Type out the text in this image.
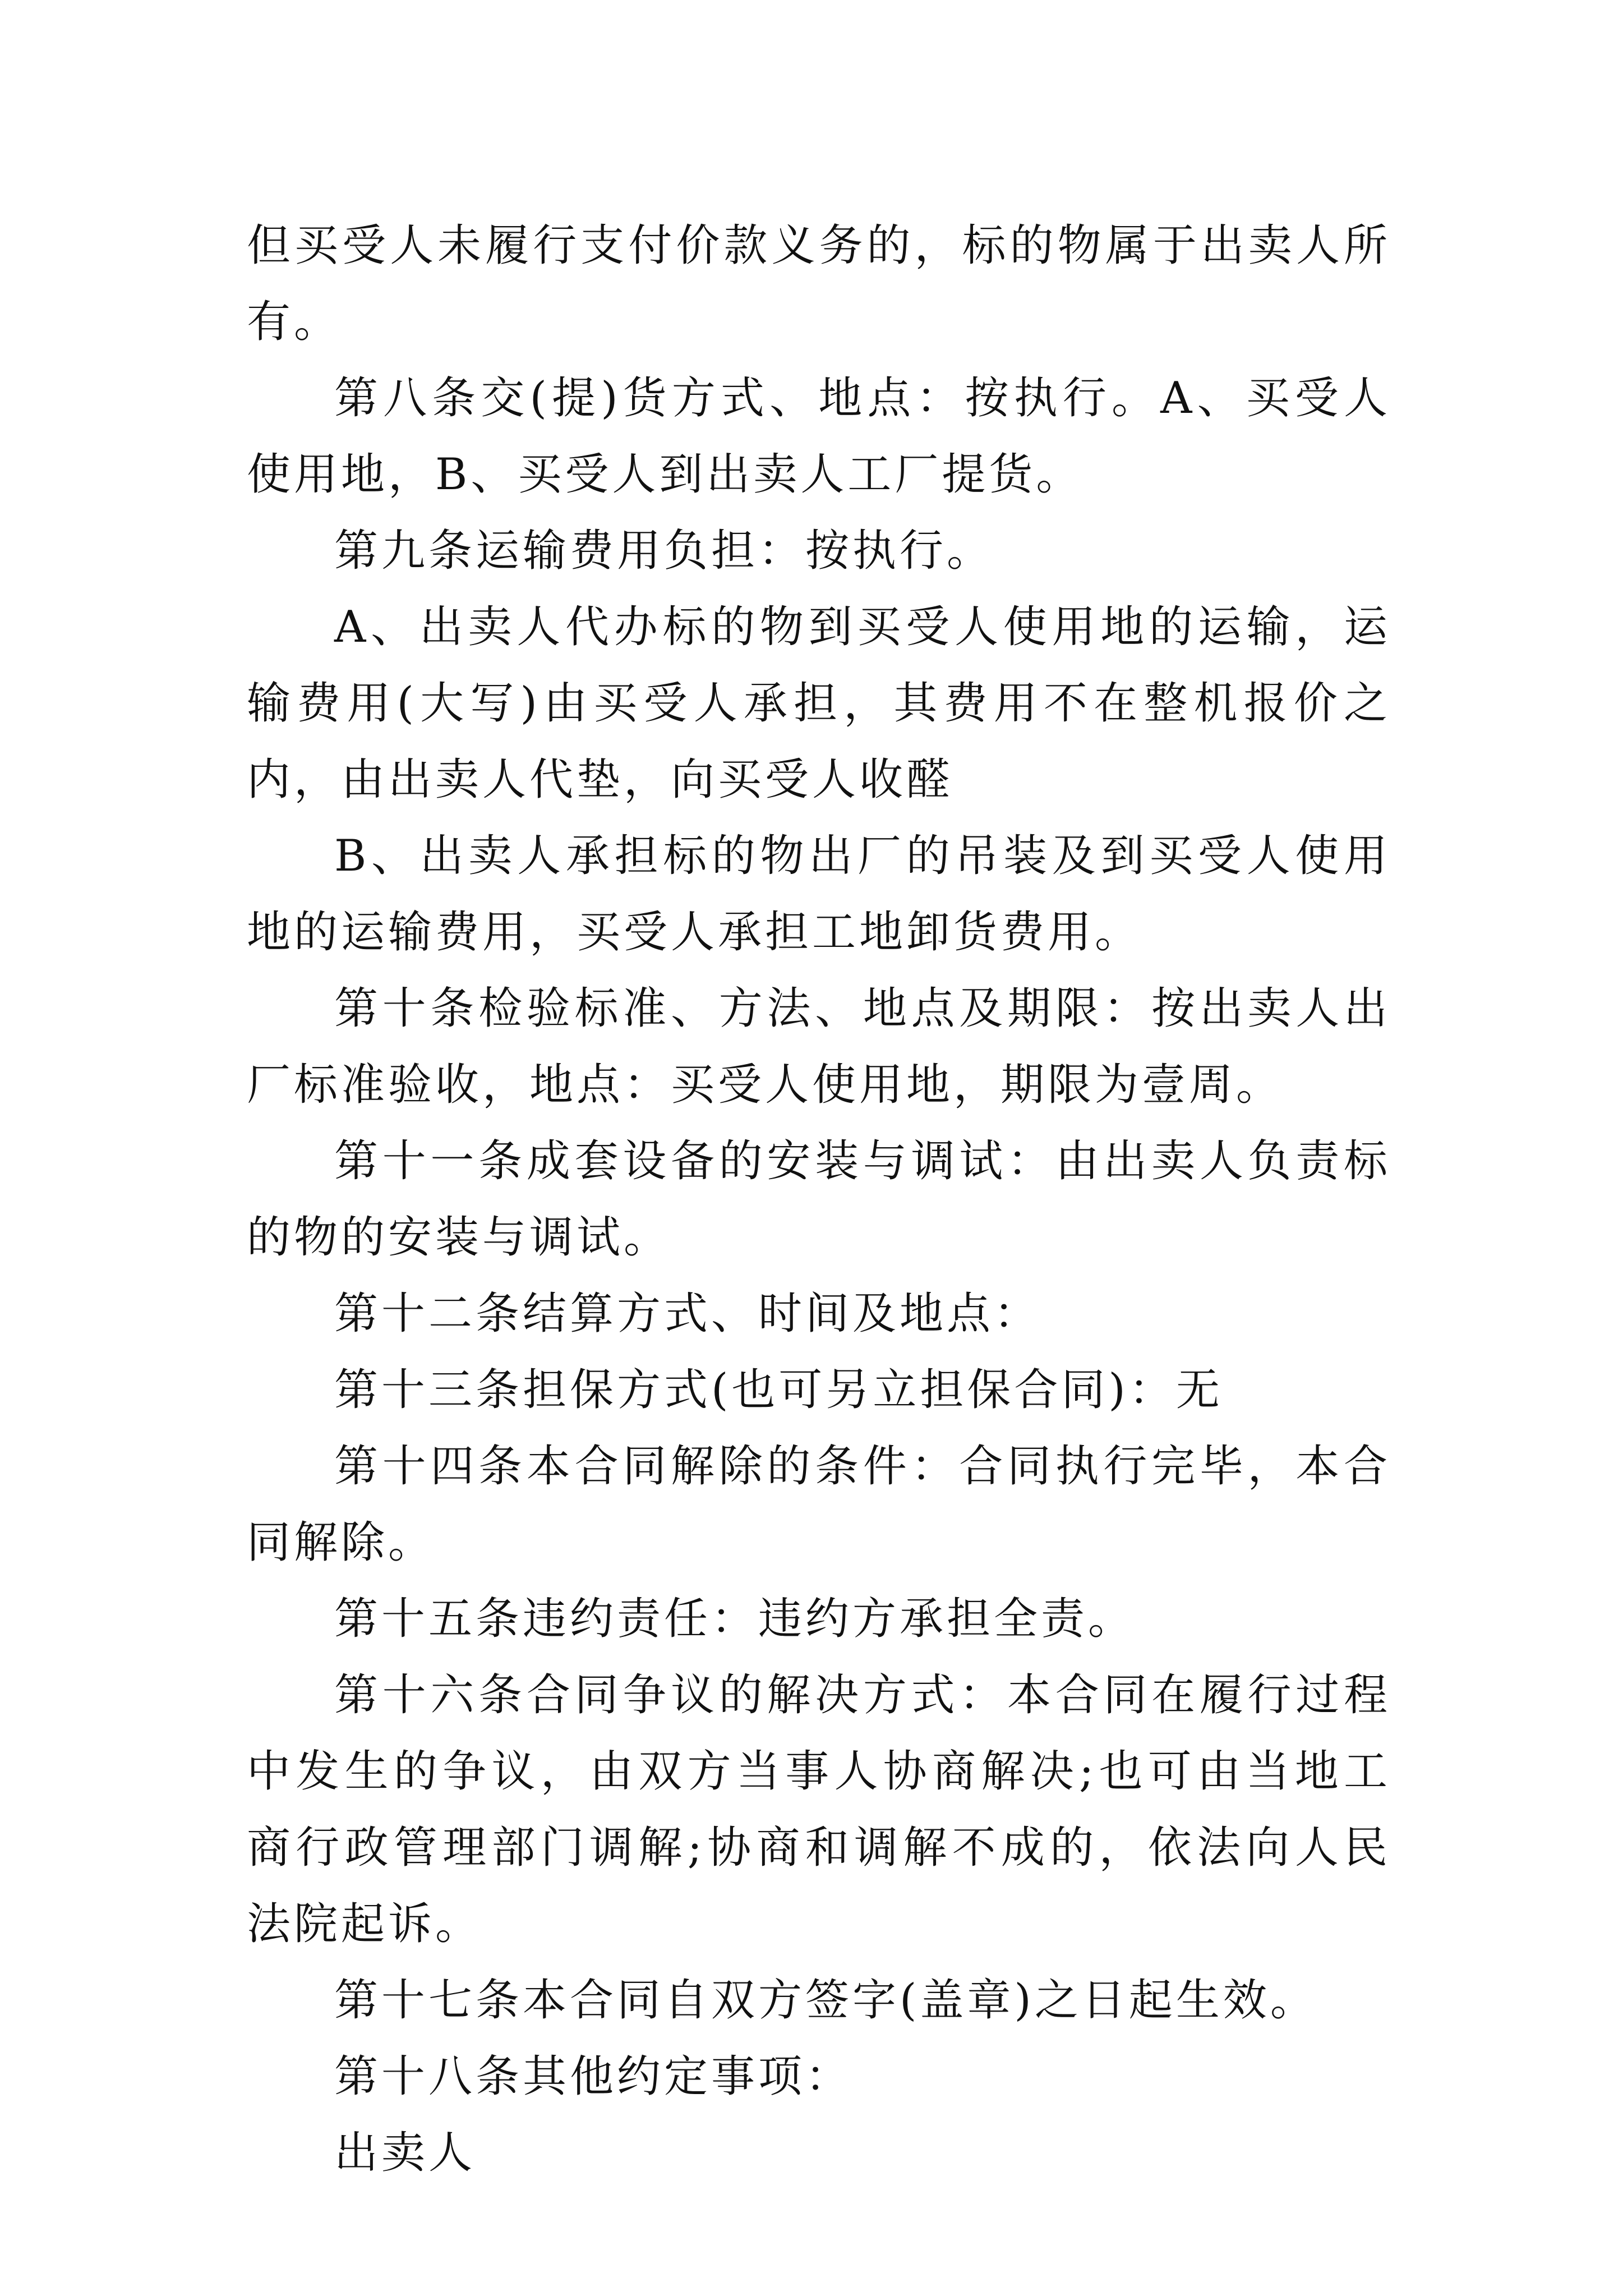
但买受人未履行支付价款义务的，标的物属于出卖人所有。

第八条交(提)货方式、地点：按执行。A、买受人使用地，B、买受人到出卖人工厂提货。

第九条运输费用负担：按执行。

A、出卖人代办标的物到买受人使用地的运输，运输费用(大写)由买受人承担，其费用不在整机报价之内，由出卖人代垫，向买受人收醛

B、出卖人承担标的物出厂的吊装及到买受人使用地的运输费用，买受人承担工地卸货费用。

第十条检验标准、方法、地点及期限：按出卖人出厂标准验收，地点：买受人使用地，期限为壹周。

第十一条成套设备的安装与调试：由出卖人负责标的物的安装与调试。

第十二条结算方式、时间及地点：

第十三条担保方式(也可另立担保合同)：无

第十四条本合同解除的条件：合同执行完毕，本合同解除。

第十五条违约责任：违约方承担全责。

第十六条合同争议的解决方式：本合同在履行过程中发生的争议，由双方当事人协商解决;也可由当地工商行政管理部门调解;协商和调解不成的，依法向人民法院起诉。

第十七条本合同自双方签字(盖章)之日起生效。

第十八条其他约定事项：

出卖人
